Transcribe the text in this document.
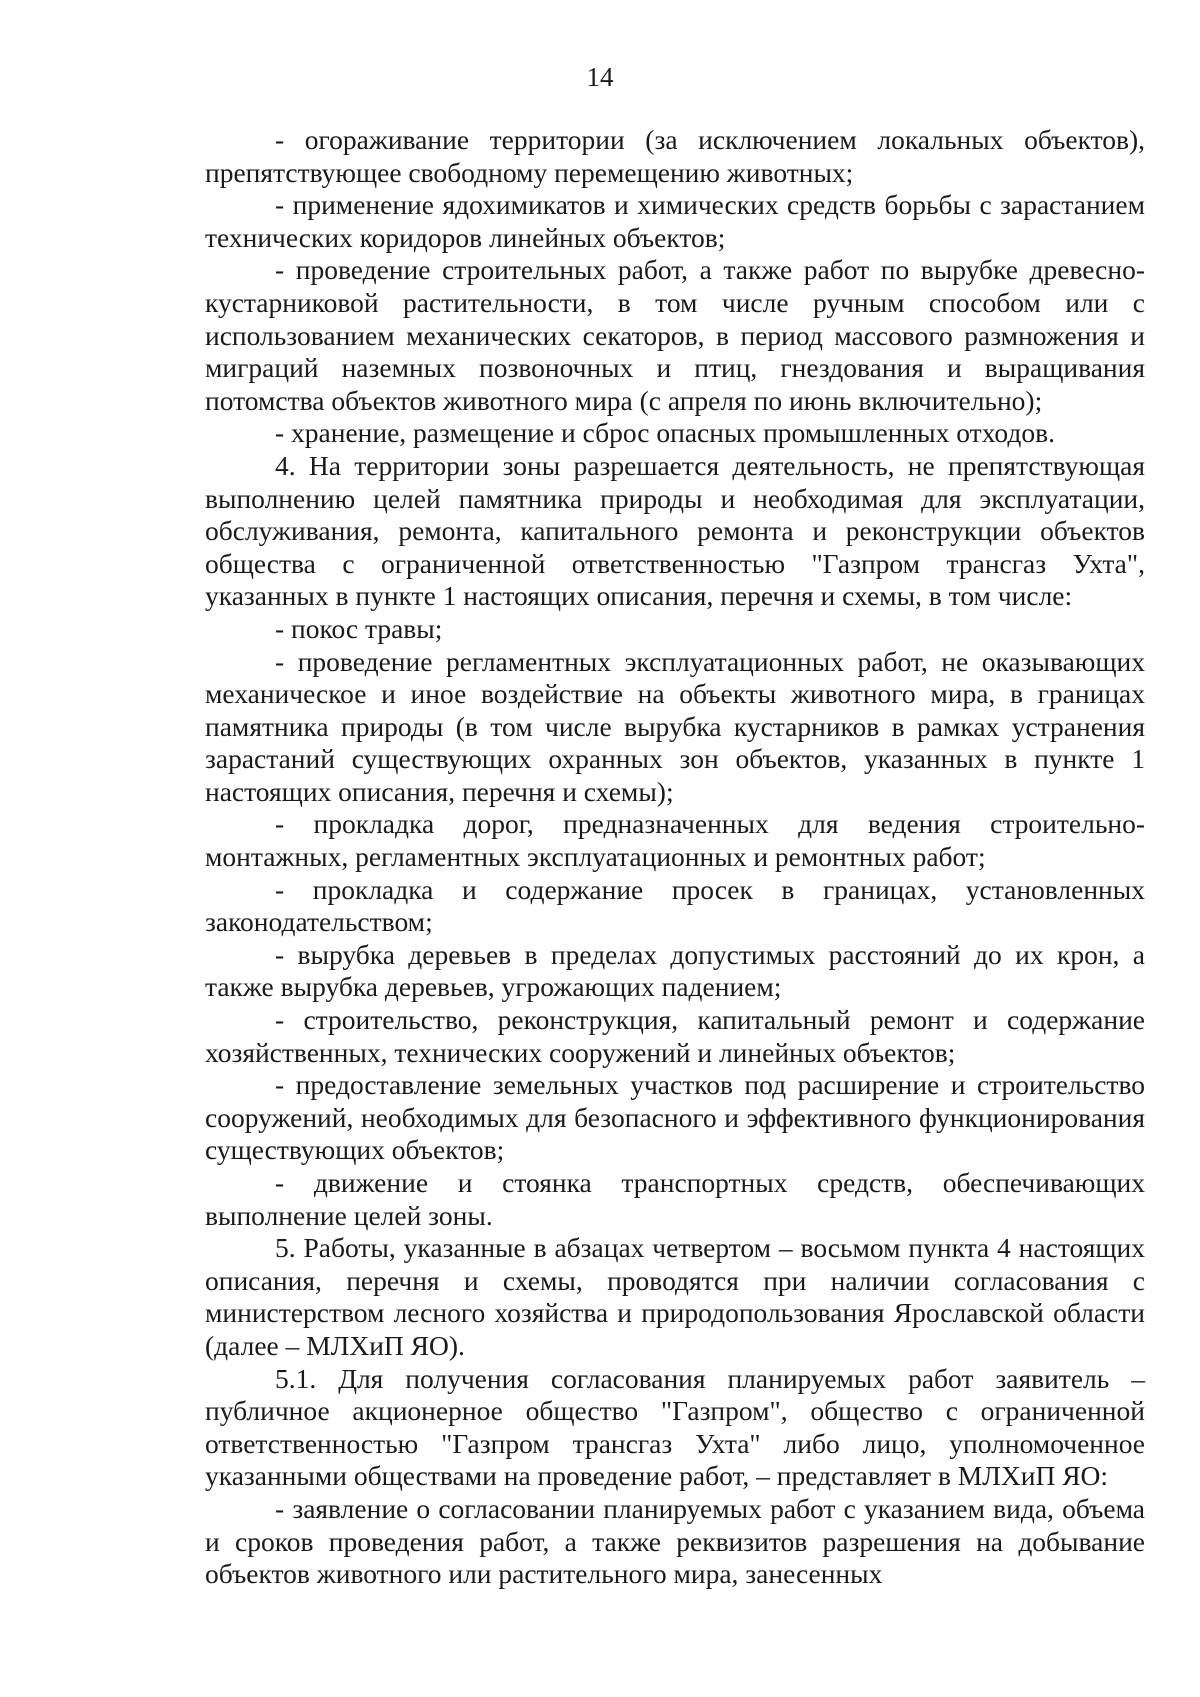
14

- огораживание территории (за исключением локальных объектов), препятствующее свободному перемещению животных;

- применение ядохимикатов и химических средств борьбы с зарастанием технических коридоров линейных объектов;

- проведение строительных работ, а также работ по вырубке древесно-кустарниковой растительности, в том числе ручным способом или с использованием механических секаторов, в период массового размножения и миграций наземных позвоночных и птиц, гнездования и выращивания потомства объектов животного мира (с апреля по июнь включительно);

- хранение, размещение и сброс опасных промышленных отходов.

4. На территории зоны разрешается деятельность, не препятствующая выполнению целей памятника природы и необходимая для эксплуатации, обслуживания, ремонта, капитального ремонта и реконструкции объектов общества с ограниченной ответственностью "Газпром трансгаз Ухта", указанных в пункте 1 настоящих описания, перечня и схемы, в том числе:

- покос травы;

- проведение регламентных эксплуатационных работ, не оказывающих механическое и иное воздействие на объекты животного мира, в границах памятника природы (в том числе вырубка кустарников в рамках устранения зарастаний существующих охранных зон объектов, указанных в пункте 1 настоящих описания, перечня и схемы);

- прокладка дорог, предназначенных для ведения строительно-монтажных, регламентных эксплуатационных и ремонтных работ;

- прокладка и содержание просек в границах, установленных законодательством;

- вырубка деревьев в пределах допустимых расстояний до их крон, а также вырубка деревьев, угрожающих падением;

- строительство, реконструкция, капитальный ремонт и содержание хозяйственных, технических сооружений и линейных объектов;

- предоставление земельных участков под расширение и строительство сооружений, необходимых для безопасного и эффективного функционирования существующих объектов;

- движение и стоянка транспортных средств, обеспечивающих выполнение целей зоны.

5. Работы, указанные в абзацах четвертом – восьмом пункта 4 настоящих описания, перечня и схемы, проводятся при наличии согласования с министерством лесного хозяйства и природопользования Ярославской области (далее – МЛХиП ЯО).

5.1. Для получения согласования планируемых работ заявитель – публичное акционерное общество "Газпром", общество с ограниченной ответственностью "Газпром трансгаз Ухта" либо лицо, уполномоченное указанными обществами на проведение работ, – представляет в МЛХиП ЯО:

- заявление о согласовании планируемых работ с указанием вида, объема и сроков проведения работ, а также реквизитов разрешения на добывание объектов животного или растительного мира, занесенных
